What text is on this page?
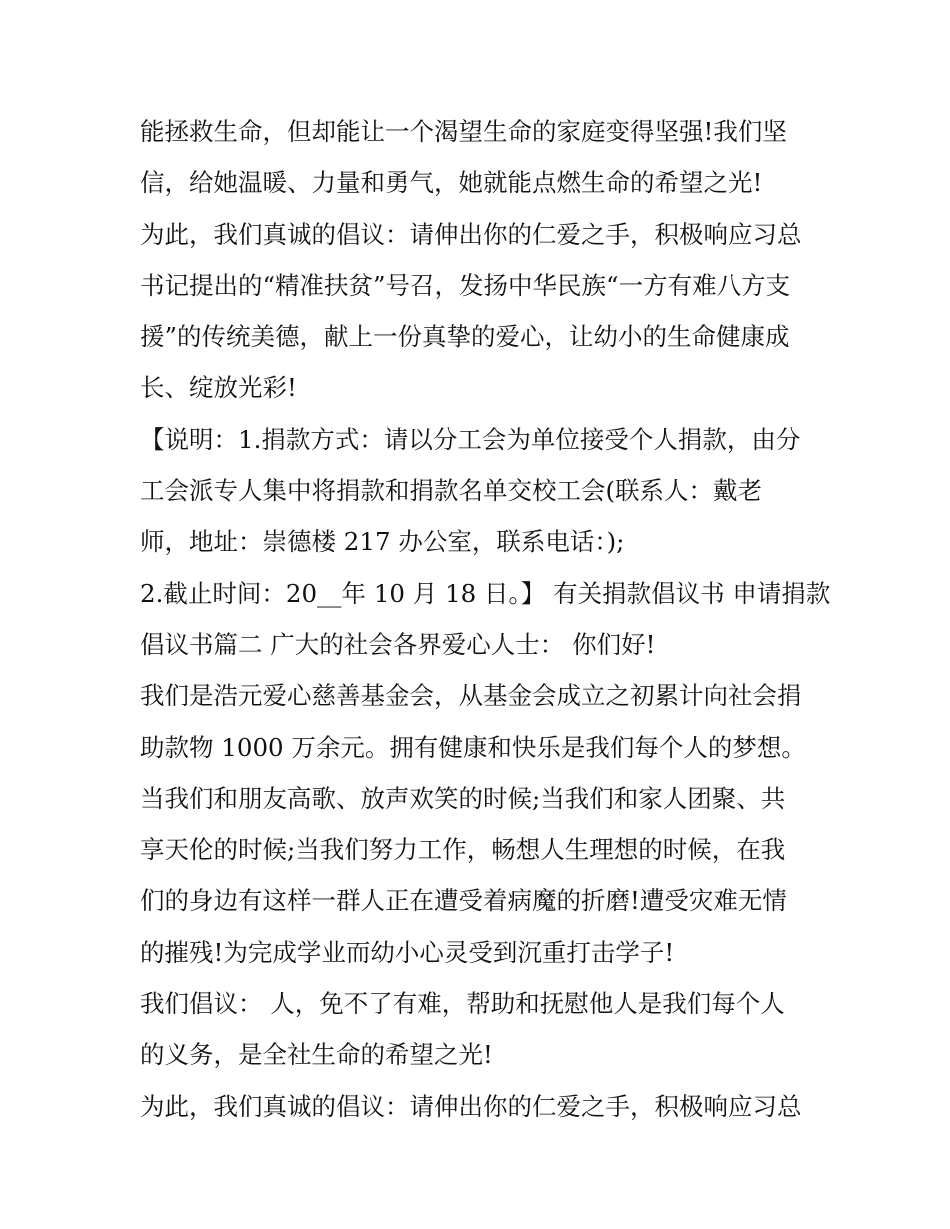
能拯救生命，但却能让一个渴望生命的家庭变得坚强!我们坚
信，给她温暖、力量和勇气，她就能点燃生命的希望之光!
为此，我们真诚的倡议：请伸出你的仁爱之手，积极响应习总
书记提出的“精准扶贫”号召，发扬中华民族“一方有难八方支
援”的传统美德，献上一份真挚的爱心，让幼小的生命健康成
长、绽放光彩!
【说明：1.捐款方式：请以分工会为单位接受个人捐款，由分
工会派专人集中将捐款和捐款名单交校工会(联系人：戴老
师，地址：崇德楼 217 办公室，联系电话：);
2.截止时间：20__年 10 月 18 日。】 有关捐款倡议书 申请捐款
倡议书篇二 广大的社会各界爱心人士： 你们好!
我们是浩元爱心慈善基金会，从基金会成立之初累计向社会捐
助款物 1000 万余元。拥有健康和快乐是我们每个人的梦想。
当我们和朋友高歌、放声欢笑的时候;当我们和家人团聚、共
享天伦的时候;当我们努力工作，畅想人生理想的时候，在我
们的身边有这样一群人正在遭受着病魔的折磨!遭受灾难无情
的摧残!为完成学业而幼小心灵受到沉重打击学子!
我们倡议： 人，免不了有难，帮助和抚慰他人是我们每个人
的义务，是全社生命的希望之光!
为此，我们真诚的倡议：请伸出你的仁爱之手，积极响应习总
